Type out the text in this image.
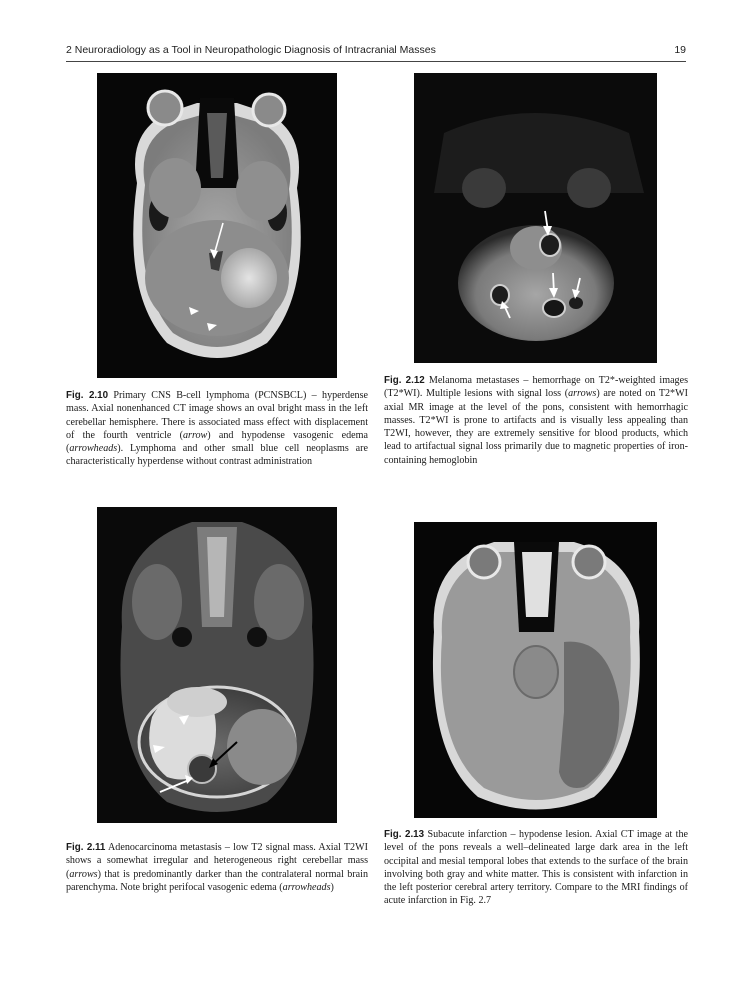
2 Neuroradiology as a Tool in Neuropathologic Diagnosis of Intracranial Masses	19
Fig. 2.10 Primary CNS B-cell lymphoma (PCNSBCL) – hyperdense mass. Axial nonenhanced CT image shows an oval bright mass in the left cerebellar hemisphere. There is associated mass effect with displacement of the fourth ventricle (arrow) and hypodense vasogenic edema (arrowheads). Lymphoma and other small blue cell neoplasms are characteristically hyperdense without contrast administration
Fig. 2.12 Melanoma metastases – hemorrhage on T2*-weighted images (T2*WI). Multiple lesions with signal loss (arrows) are noted on T2*WI axial MR image at the level of the pons, consistent with hemorrhagic masses. T2*WI is prone to artifacts and is visually less appealing than T2WI, however, they are extremely sensitive for blood products, which lead to artifactual signal loss primarily due to magnetic properties of iron-containing hemoglobin
Fig. 2.11 Adenocarcinoma metastasis – low T2 signal mass. Axial T2WI shows a somewhat irregular and heterogeneous right cerebellar mass (arrows) that is predominantly darker than the contralateral normal brain parenchyma. Note bright perifocal vasogenic edema (arrowheads)
Fig. 2.13 Subacute infarction – hypodense lesion. Axial CT image at the level of the pons reveals a well–delineated large dark area in the left occipital and mesial temporal lobes that extends to the surface of the brain involving both gray and white matter. This is consistent with infarction in the left posterior cerebral artery territory. Compare to the MRI findings of acute infarction in Fig. 2.7
